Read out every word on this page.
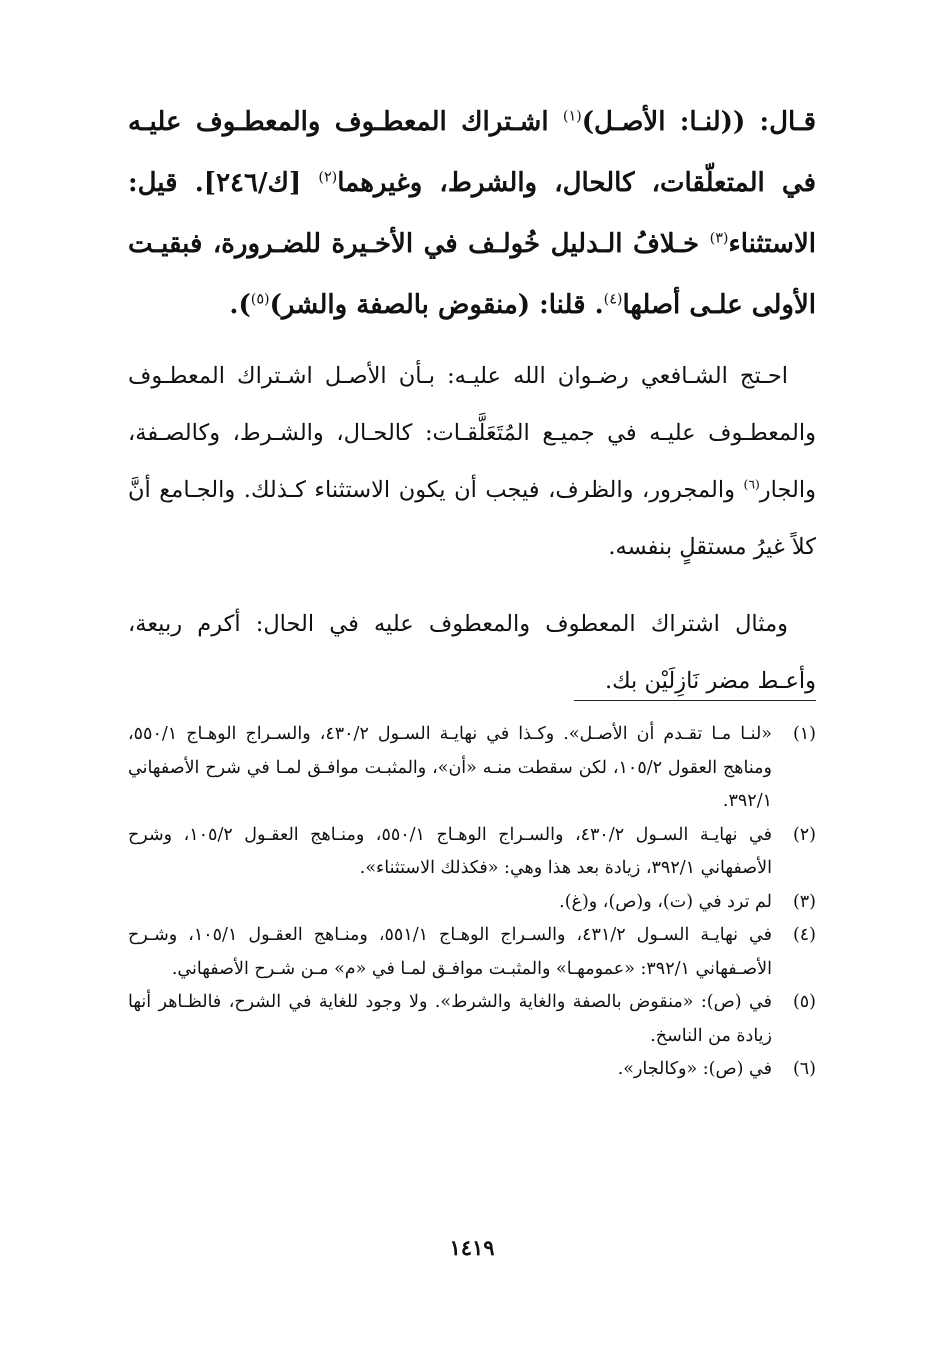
قـال: ((لنـا: الأصـل)$^{(١)}$ اشـتراك المعطـوف والمعطـوف عليـه في المتعلّقات، كالحال، والشرط، وغيرهما$^{(٢)}$ [ك/٢٤٦]. قيل: الاستثناء$^{(٣)}$ خـلافُ الـدليل خُولـف في الأخـيرة للضـرورة، فبقيـت الأولى علـى أصلها$^{(٤)}$. قلنا: (منقوض بالصفة والشر)$^{(٥)}$).

احـتج الشـافعي رضـوان الله عليـه: بـأن الأصـل اشـتراك المعطـوف والمعطـوف عليـه في جميـع المُتَعَلَّقـات: كالحـال، والشـرط، وكالصـفة، والجار$^{(٦)}$ والمجرور، والظرف، فيجب أن يكون الاستثناء كـذلك. والجـامع أنَّ كلاً غيرُ مستقلٍ بنفسه.

ومثال اشتراك المعطوف والمعطوف عليه في الحال: أكرم ربيعة، وأعـط مضر نَازِلَيْن بك.

(١)
«لنـا مـا تقـدم أن الأصـل». وكـذا في نهايـة السـول ٤٣٠/٢، والسـراج الوهـاج ٥٥٠/١، ومناهج العقول ١٠٥/٢، لكن سقطت منـه «أن»، والمثبـت موافـق لمـا في شرح الأصفهاني ٣٩٢/١.
(٢)
في نهايـة السـول ٤٣٠/٢، والسـراج الوهـاج ٥٥٠/١، ومنـاهج العقـول ١٠٥/٢، وشرح الأصفهاني ٣٩٢/١، زيادة بعد هذا وهي: «فكذلك الاستثناء».
(٣)
لم ترد في (ت)، و(ص)، و(غ).
(٤)
في نهايـة السـول ٤٣١/٢، والسـراج الوهـاج ٥٥١/١، ومنـاهج العقـول ١٠٥/١، وشـرح الأصـفهاني ٣٩٢/١: «عمومهـا» والمثبـت موافـق لمـا في «م» مـن شـرح الأصفهاني.
(٥)
في (ص): «منقوض بالصفة والغاية والشرط». ولا وجود للغاية في الشرح، فالظـاهر أنها زيادة من الناسخ.
(٦)
في (ص): «وكالجار».
١٤١٩
